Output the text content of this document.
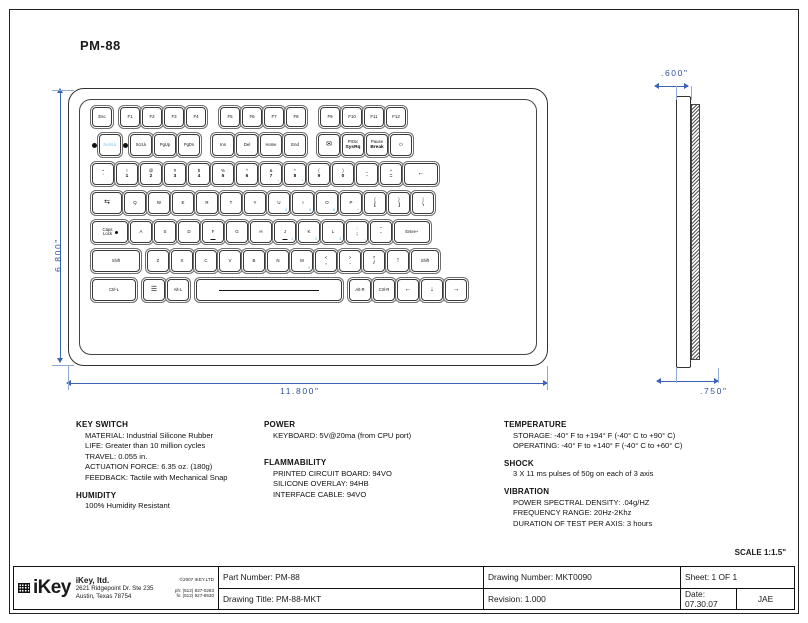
PM-88
Esc	F1	F2	F3	F4	F5	F6	F7	F8	F9	F10	F11	F12
NumLk	ScrLk	PgUp	PgDn	Ins	Del	Home	End	✉	PrtSc
SysRq
Pause
Break ☼
~
`
!
1
@
2
#
3
$
4
%
5
^
6
&
7
/
*
8
*
(
9
-
)
0
.
_
-
+
=	←
⇆	Q	W	E	R	T	Y	U
4
I
5
O
6
P
+
{
[
}
]
|
\
Caps
Lock	A	S	D	F	G	H	J
1
K
2
L
3
:
;
-
"
'
Enter↵
Shift	Z	X	C	V	B	N	M
0
<
,
>
.
.
?
/	↑	Shift
Ctrl-L	☰	Alt-L	Alt-R	Ctrl-R ←	↓	→
6.800"
11.800"
.600"
.750"
KEY SWITCH
MATERIAL: Industrial Silicone Rubber
LIFE: Greater than 10 million cycles
TRAVEL: 0.055 in.
ACTUATION FORCE: 6.35 oz. (180g)
FEEDBACK: Tactile with Mechanical Snap
HUMIDITY
100% Humidity Resistant
POWER
KEYBOARD: 5V@20ma (from CPU port)
FLAMMABILITY
PRINTED CIRCUIT BOARD: 94VO
SILICONE OVERLAY: 94HB
INTERFACE CABLE: 94VO
TEMPERATURE
STORAGE: -40° F to +194° F (-40° C to +90° C)
OPERATING: -40° F to +140° F (-40° C to +60° C)
SHOCK
3 X 11 ms pulses of 50g on each of 3 axis
VIBRATION
POWER SPECTRAL DENSITY: .04g/HZ
FREQUENCY RANGE: 20Hz-2Khz
DURATION OF TEST PER AXIS: 3 hours
SCALE 1:1.5"
iKey iKey, ltd.
2621 Ridgepoint Dr. Ste 235
Austin, Texas 78754
©2007 IKEY,LTD
ph: (512) 837-0283
fx: (512) 927-8530
Part Number: PM-88	Drawing Number: MKT0090	Sheet: 1 OF 1
Drawing Title: PM-88-MKT	Revision: 1.000	Date: 07.30.07	JAE
